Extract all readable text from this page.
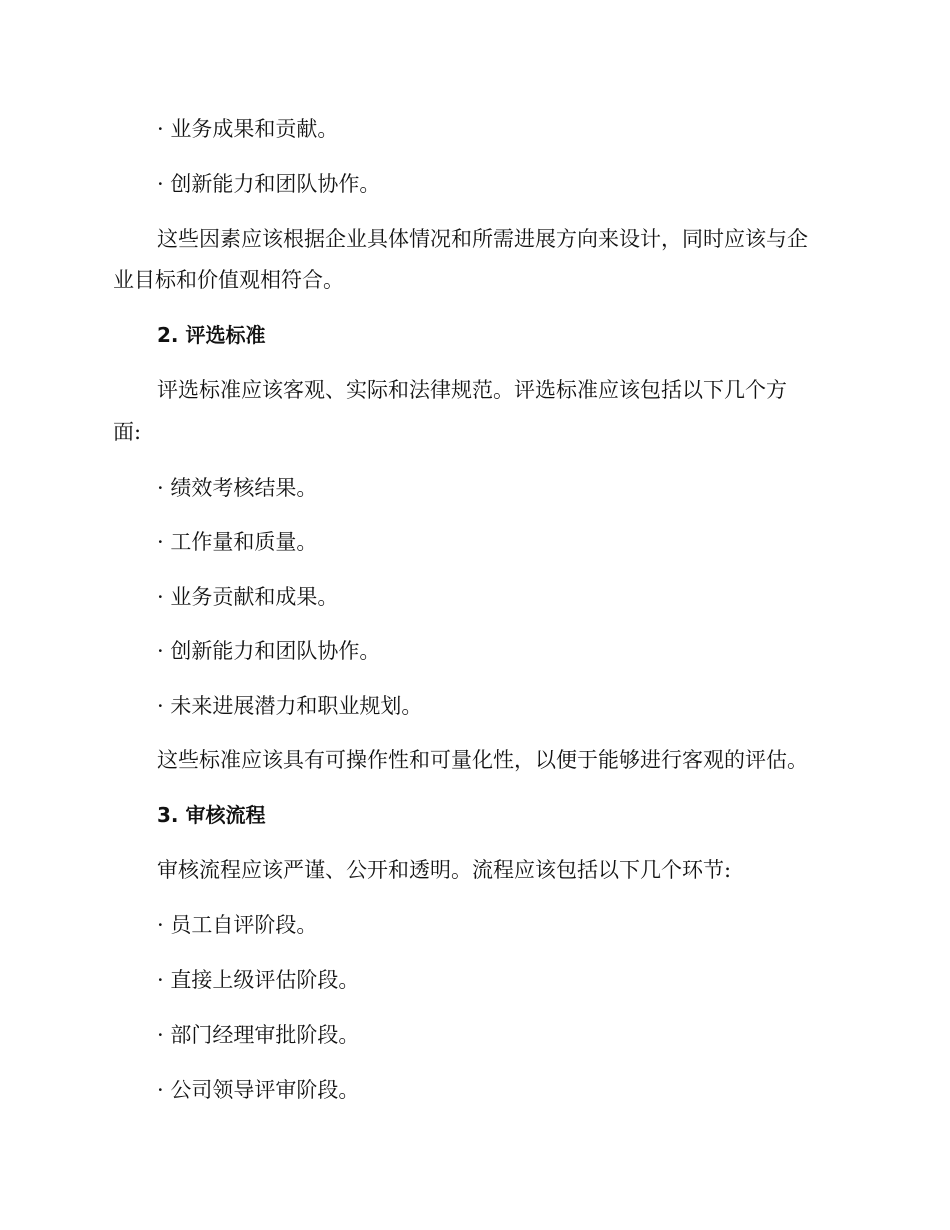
· 业务成果和贡献。
· 创新能力和团队协作。
这些因素应该根据企业具体情况和所需进展方向来设计，同时应该与企
业目标和价值观相符合。
2. 评选标准
评选标准应该客观、实际和法律规范。评选标准应该包括以下几个方
面:
· 绩效考核结果。
· 工作量和质量。
· 业务贡献和成果。
· 创新能力和团队协作。
· 未来进展潜力和职业规划。
这些标准应该具有可操作性和可量化性，以便于能够进行客观的评估。
3. 审核流程
审核流程应该严谨、公开和透明。流程应该包括以下几个环节:
· 员工自评阶段。
· 直接上级评估阶段。
· 部门经理审批阶段。
· 公司领导评审阶段。
